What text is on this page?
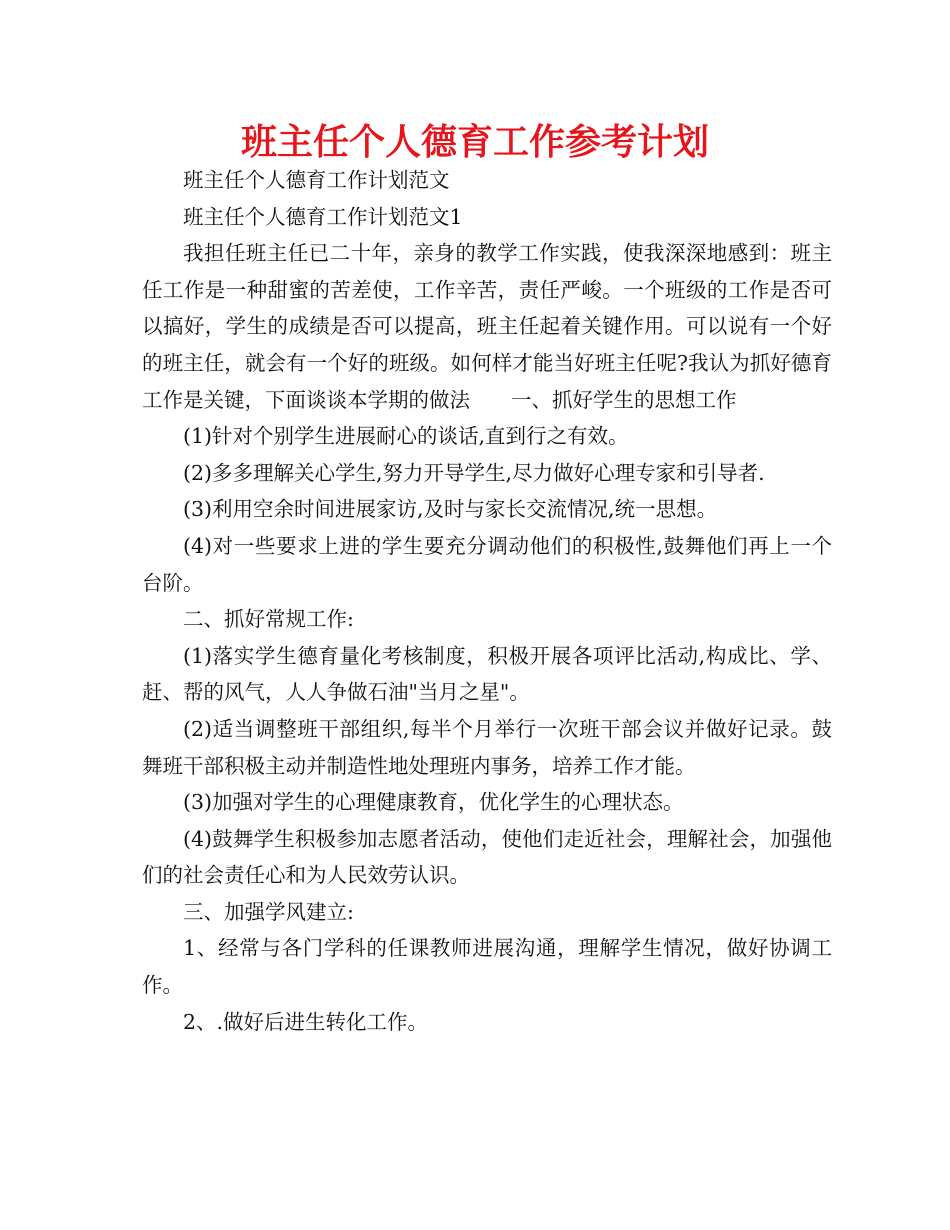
班主任个人德育工作参考计划

班主任个人德育工作计划范文

班主任个人德育工作计划范文1

我担任班主任已二十年，亲身的教学工作实践，使我深深地感到：班主任工作是一种甜蜜的苦差使，工作辛苦，责任严峻。一个班级的工作是否可以搞好，学生的成绩是否可以提高，班主任起着关键作用。可以说有一个好的班主任，就会有一个好的班级。如何样才能当好班主任呢?我认为抓好德育工作是关键，下面谈谈本学期的做法　　一、抓好学生的思想工作

(1)针对个别学生进展耐心的谈话,直到行之有效。

(2)多多理解关心学生,努力开导学生,尽力做好心理专家和引导者.

(3)利用空余时间进展家访,及时与家长交流情况,统一思想。

(4)对一些要求上进的学生要充分调动他们的积极性,鼓舞他们再上一个台阶。

二、抓好常规工作:

(1)落实学生德育量化考核制度，积极开展各项评比活动,构成比、学、赶、帮的风气，人人争做石油"当月之星"。

(2)适当调整班干部组织,每半个月举行一次班干部会议并做好记录。鼓舞班干部积极主动并制造性地处理班内事务，培养工作才能。

(3)加强对学生的心理健康教育，优化学生的心理状态。

(4)鼓舞学生积极参加志愿者活动，使他们走近社会，理解社会，加强他们的社会责任心和为人民效劳认识。

三、加强学风建立:

1、经常与各门学科的任课教师进展沟通，理解学生情况，做好协调工作。

2、.做好后进生转化工作。
